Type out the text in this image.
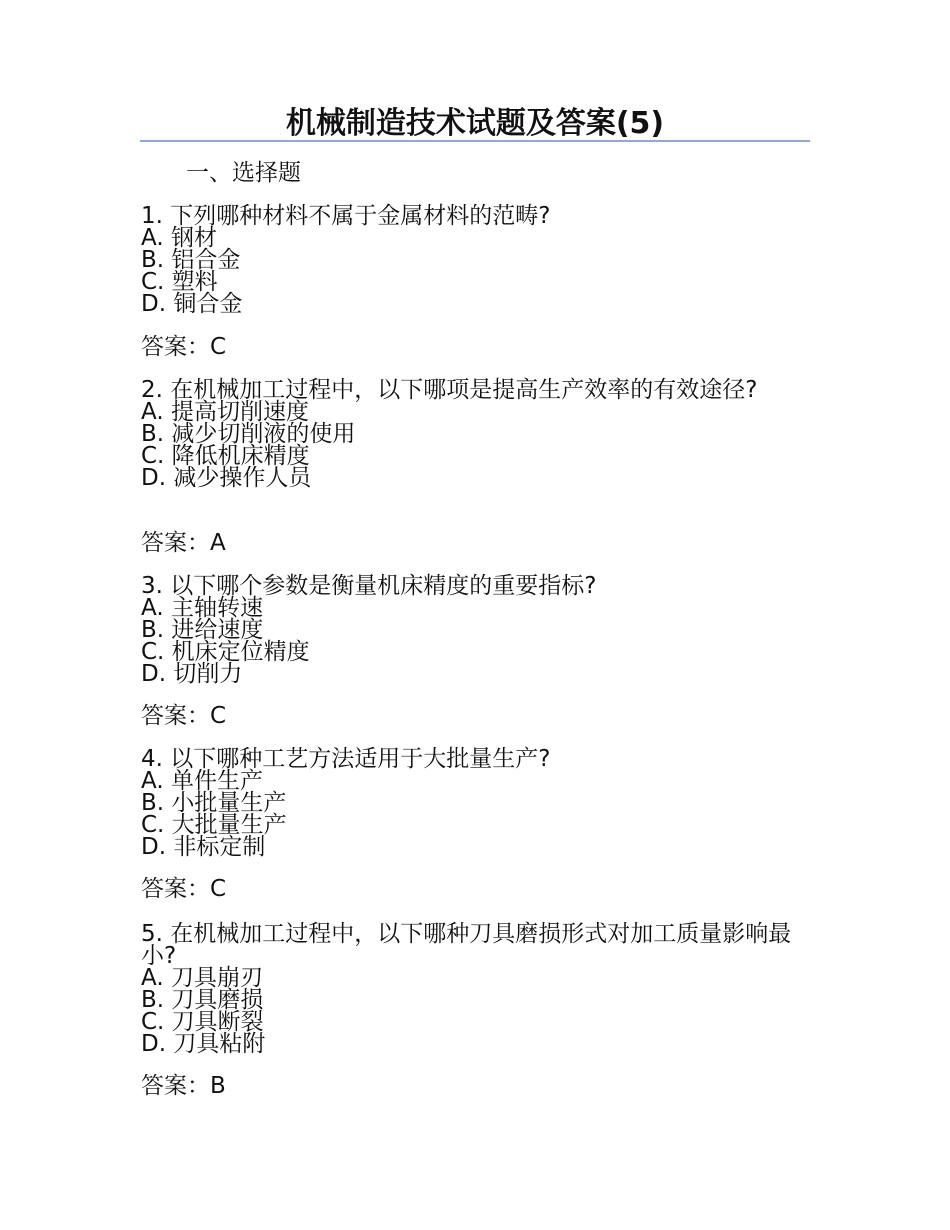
机械制造技术试题及答案(5)
一、选择题
1. 下列哪种材料不属于金属材料的范畴?
A. 钢材
B. 铝合金
C. 塑料
D. 铜合金
答案：C
2. 在机械加工过程中，以下哪项是提高生产效率的有效途径?
A. 提高切削速度
B. 减少切削液的使用
C. 降低机床精度
D. 减少操作人员
答案：A
3. 以下哪个参数是衡量机床精度的重要指标?
A. 主轴转速
B. 进给速度
C. 机床定位精度
D. 切削力
答案：C
4. 以下哪种工艺方法适用于大批量生产?
A. 单件生产
B. 小批量生产
C. 大批量生产
D. 非标定制
答案：C
5. 在机械加工过程中，以下哪种刀具磨损形式对加工质量影响最小?
A. 刀具崩刃
B. 刀具磨损
C. 刀具断裂
D. 刀具粘附
答案：B
